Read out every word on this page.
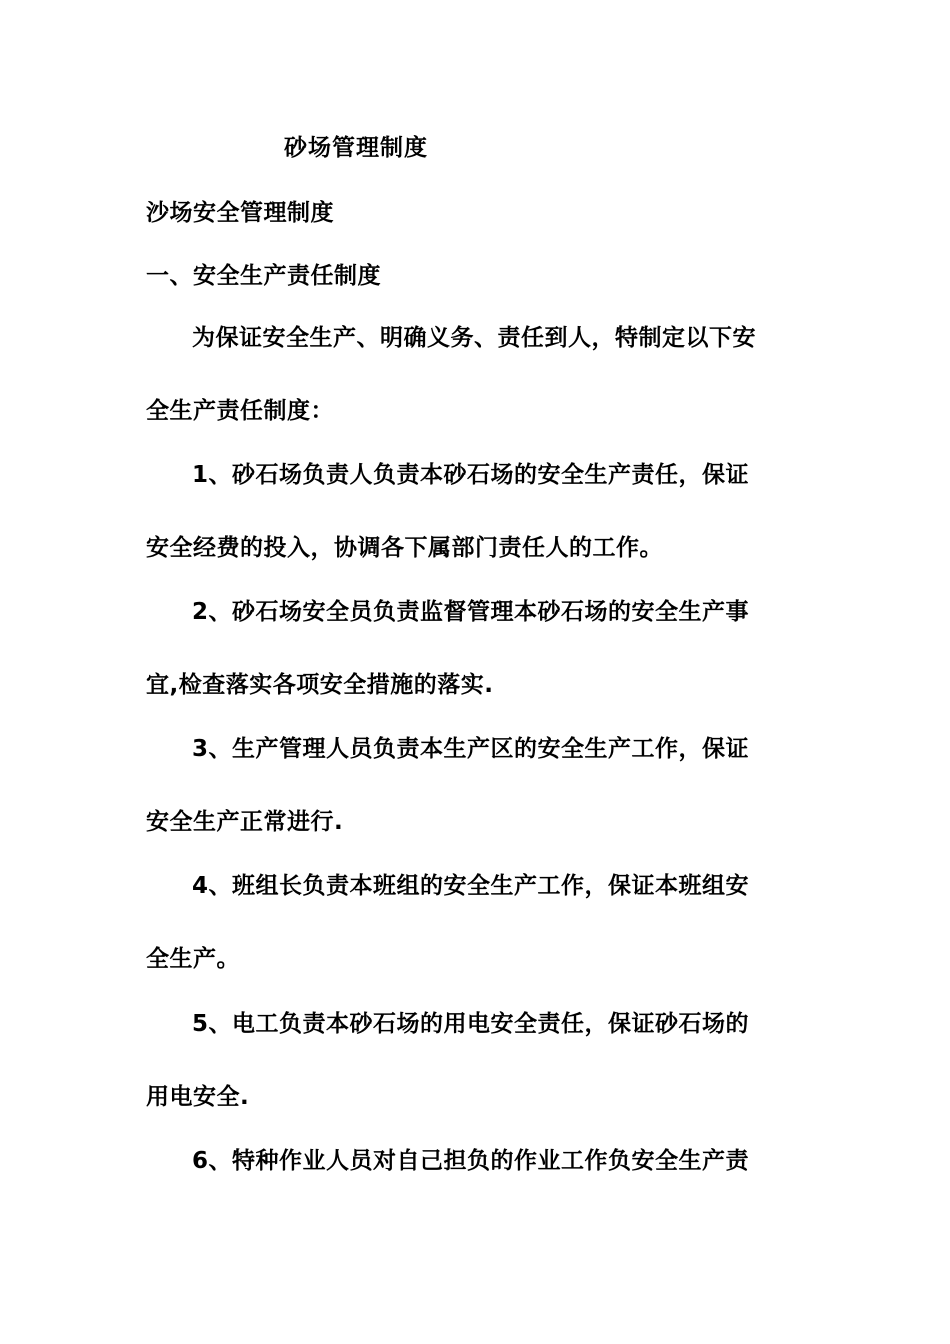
砂场管理制度
沙场安全管理制度
一、安全生产责任制度
为保证安全生产、明确义务、责任到人，特制定以下安
全生产责任制度：
1、砂石场负责人负责本砂石场的安全生产责任，保证
安全经费的投入，协调各下属部门责任人的工作。
2、砂石场安全员负责监督管理本砂石场的安全生产事
宜,检查落实各项安全措施的落实.
3、生产管理人员负责本生产区的安全生产工作，保证
安全生产正常进行.
4、班组长负责本班组的安全生产工作，保证本班组安
全生产。
5、电工负责本砂石场的用电安全责任，保证砂石场的
用电安全.
6、特种作业人员对自己担负的作业工作负安全生产责
